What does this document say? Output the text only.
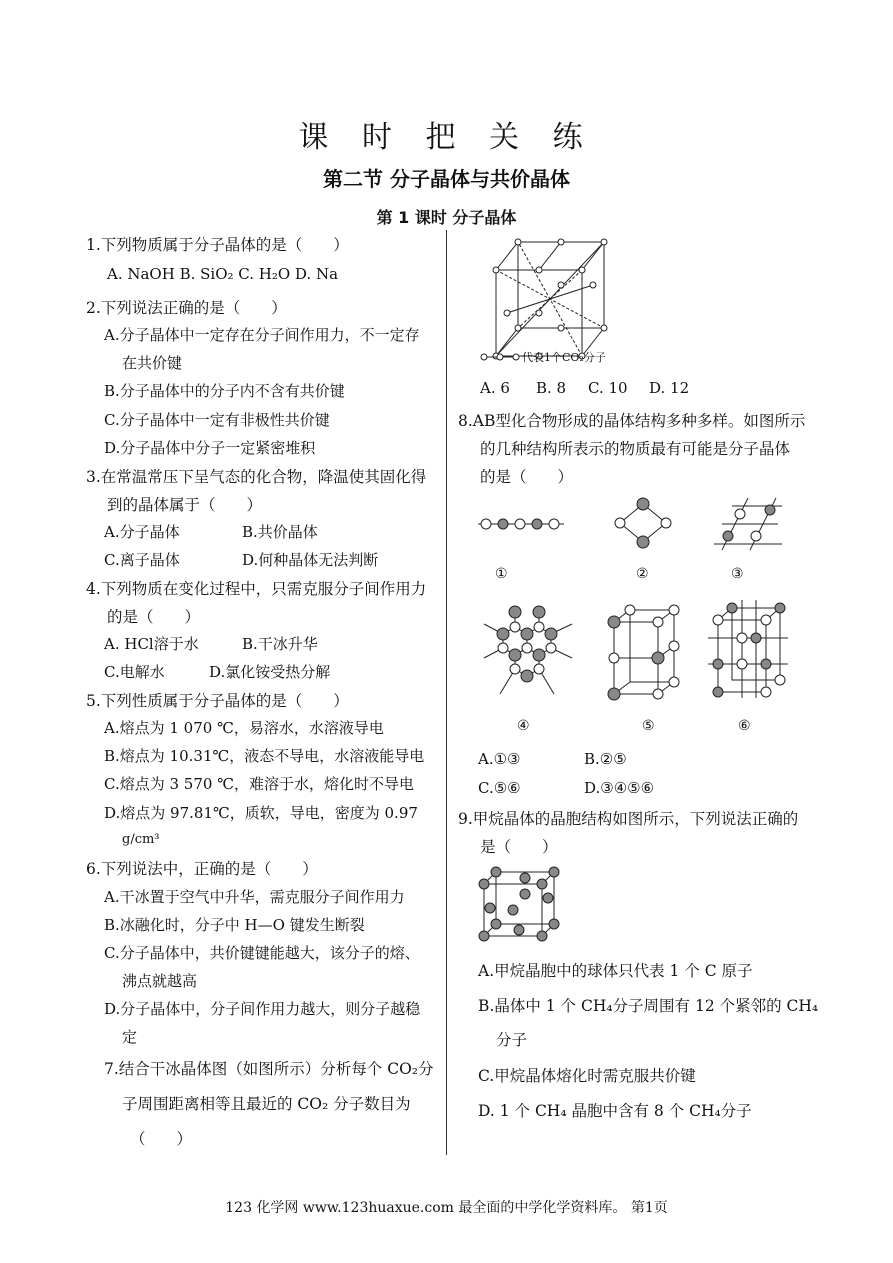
课 时 把 关 练
第二节 分子晶体与共价晶体
第 1 课时 分子晶体
1.下列物质属于分子晶体的是（　　）
A. NaOH B. SiO₂ C. H₂O D. Na
2.下列说法正确的是（　　）
A.分子晶体中一定存在分子间作用力，不一定存
在共价键
B.分子晶体中的分子内不含有共价键
C.分子晶体中一定有非极性共价键
D.分子晶体中分子一定紧密堆积
3.在常温常压下呈气态的化合物，降温使其固化得
到的晶体属于（　　）
A.分子晶体	B.共价晶体
C.离子晶体	D.何种晶体无法判断
4.下列物质在变化过程中，只需克服分子间作用力
的是（　　）
A. HCl溶于水	B.干冰升华
C.电解水	D.氯化铵受热分解
5.下列性质属于分子晶体的是（　　）
A.熔点为 1 070 ℃，易溶水，水溶液导电
B.熔点为 10.31℃，液态不导电，水溶液能导电
C.熔点为 3 570 ℃，难溶于水，熔化时不导电
D.熔点为 97.81℃，质软，导电，密度为 0.97
g/cm³
6.下列说法中，正确的是（　　）
A.干冰置于空气中升华，需克服分子间作用力
B.冰融化时，分子中 H—O 键发生断裂
C.分子晶体中，共价键键能越大，该分子的熔、
沸点就越高
D.分子晶体中，分子间作用力越大，则分子越稳
定
7.结合干冰晶体图（如图所示）分析每个 CO₂分
子周围距离相等且最近的 CO₂ 分子数目为
（　　）
代表1个CO₂分子
A. 6 B. 8 C. 10 D. 12
8.AB型化合物形成的晶体结构多种多样。如图所示
的几种结构所表示的物质最有可能是分子晶体
的是（　　）
①	②	③
④	⑤	⑥
A.①③	B.②⑤
C.⑤⑥	D.③④⑤⑥
9.甲烷晶体的晶胞结构如图所示，下列说法正确的
是（　　）
A.甲烷晶胞中的球体只代表 1 个 C 原子
B.晶体中 1 个 CH₄分子周围有 12 个紧邻的 CH₄
分子
C.甲烷晶体熔化时需克服共价键
D. 1 个 CH₄ 晶胞中含有 8 个 CH₄分子
123 化学网 www.123huaxue.com 最全面的中学化学资料库。 第1页
